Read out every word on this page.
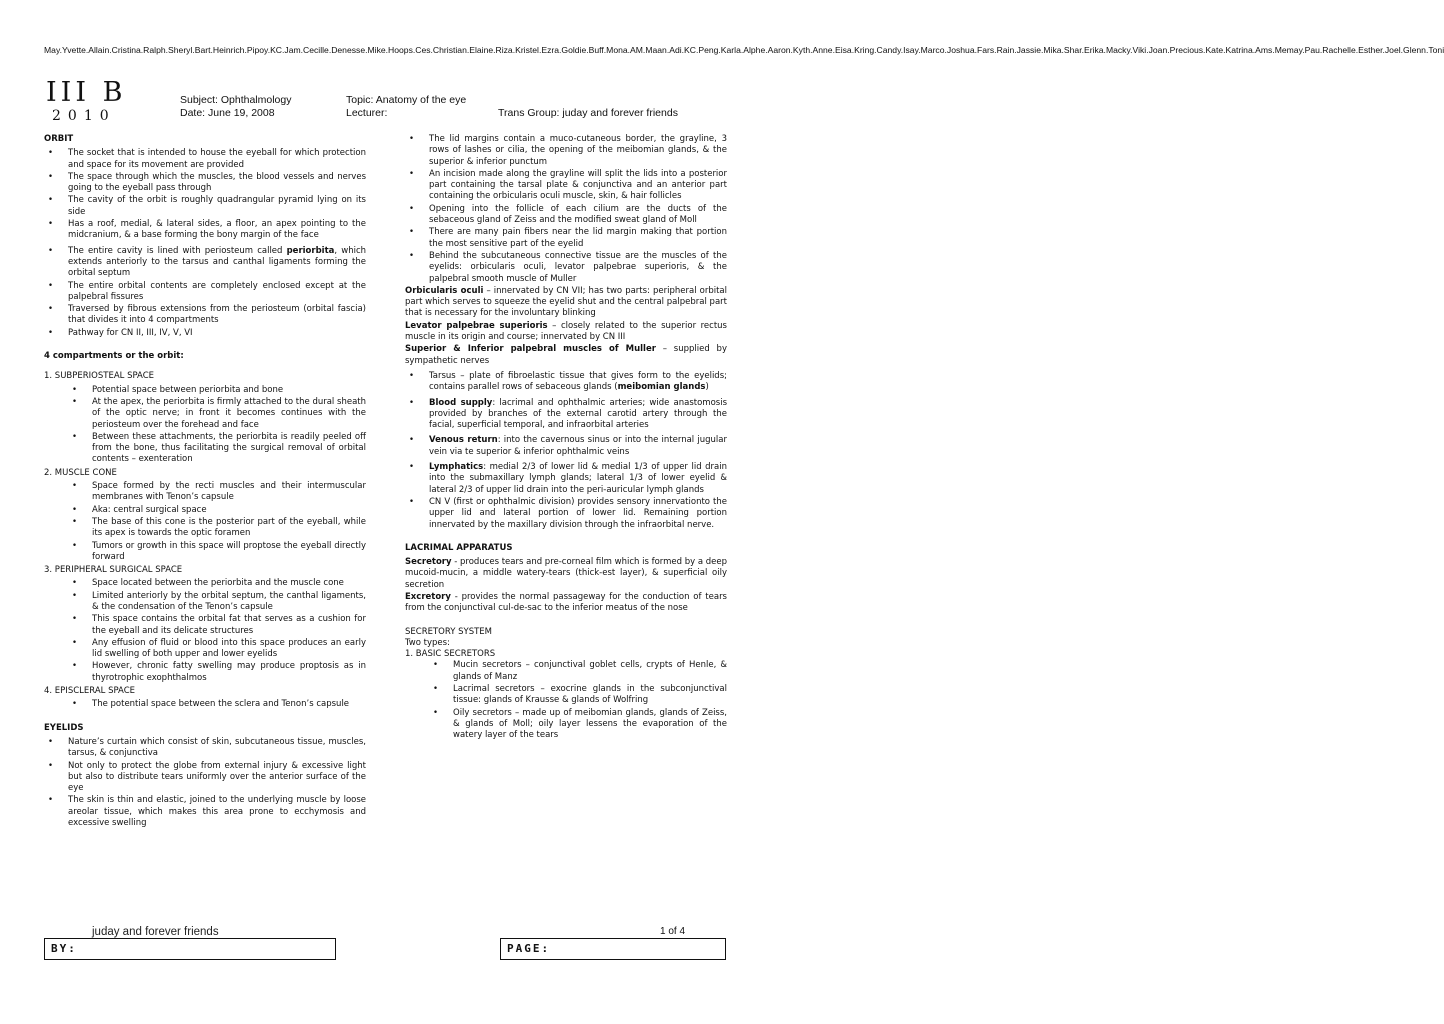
May.Yvette.Allain.Cristina.Ralph.Sheryl.Bart.Heinrich.Pipoy.KC.Jam.Cecille.Denesse.Mike.Hoops.Ces.Christian.Elaine.Riza.Kristel.Ezra.Goldie.Buff.Mona.AM.Maan.Adi.KC.Peng.Karla.Alphe.Aaron.Kyth.Anne.Eisa.Kring.Candy.Isay.Marco.Joshua.Fars.Rain.Jassie.Mika.Shar.Erika.Macky.Viki.Joan.Precious.Kate.Katrina.Ams.Memay.Pau.Rachelle.Esther.Joel.Glenn.Toni
III B
2010
Subject: Ophthalmology	Topic: Anatomy of the eye
Date: June 19, 2008	Lecturer:	Trans Group: juday and forever friends
ORBIT
• The socket that is intended to house the eyeball for which protection and space for its movement are provided
• The space through which the muscles, the blood vessels and nerves going to the eyeball pass through
• The cavity of the orbit is roughly quadrangular pyramid lying on its side
• Has a roof, medial, & lateral sides, a floor, an apex pointing to the midcranium, & a base forming the bony margin of the face
• The entire cavity is lined with periosteum called periorbita, which extends anteriorly to the tarsus and canthal ligaments forming the orbital septum
• The entire orbital contents are completely enclosed except at the palpebral fissures
• Traversed by fibrous extensions from the periosteum (orbital fascia) that divides it into 4 compartments
• Pathway for CN II, III, IV, V, VI
4 compartments or the orbit:
1. SUBPERIOSTEAL SPACE
• Potential space between periorbita and bone
• At the apex, the periorbita is firmly attached to the dural sheath of the optic nerve; in front it becomes continues with the periosteum over the forehead and face
• Between these attachments, the periorbita is readily peeled off from the bone, thus facilitating the surgical removal of orbital contents – exenteration
2. MUSCLE CONE
• Space formed by the recti muscles and their intermuscular membranes with Tenon’s capsule
• Aka: central surgical space
• The base of this cone is the posterior part of the eyeball, while its apex is towards the optic foramen
• Tumors or growth in this space will proptose the eyeball directly forward
3. PERIPHERAL SURGICAL SPACE
• Space located between the periorbita and the muscle cone
• Limited anteriorly by the orbital septum, the canthal ligaments, & the condensation of the Tenon’s capsule
• This space contains the orbital fat that serves as a cushion for the eyeball and its delicate structures
• Any effusion of fluid or blood into this space produces an early lid swelling of both upper and lower eyelids
• However, chronic fatty swelling may produce proptosis as in thyrotrophic exophthalmos
4. EPISCLERAL SPACE
• The potential space between the sclera and Tenon’s capsule
EYELIDS
• Nature’s curtain which consist of skin, subcutaneous tissue, muscles, tarsus, & conjunctiva
• Not only to protect the globe from external injury & excessive light but also to distribute tears uniformly over the anterior surface of the eye
• The skin is thin and elastic, joined to the underlying muscle by loose areolar tissue, which makes this area prone to ecchymosis and excessive swelling
• The lid margins contain a muco-cutaneous border, the grayline, 3 rows of lashes or cilia, the opening of the meibomian glands, & the superior & inferior punctum
• An incision made along the grayline will split the lids into a posterior part containing the tarsal plate & conjunctiva and an anterior part containing the orbicularis oculi muscle, skin, & hair follicles
• Opening into the follicle of each cilium are the ducts of the sebaceous gland of Zeiss and the modified sweat gland of Moll
• There are many pain fibers near the lid margin making that portion the most sensitive part of the eyelid
• Behind the subcutaneous connective tissue are the muscles of the eyelids: orbicularis oculi, levator palpebrae superioris, & the palpebral smooth muscle of Muller

Orbicularis oculi – innervated by CN VII; has two parts: peripheral orbital part which serves to squeeze the eyelid shut and the central palpebral part that is necessary for the involuntary blinking

Levator palpebrae superioris – closely related to the superior rectus muscle in its origin and course; innervated by CN III

Superior & Inferior palpebral muscles of Muller – supplied by sympathetic nerves

• Tarsus – plate of fibroelastic tissue that gives form to the eyelids; contains parallel rows of sebaceous glands (meibomian glands)
• Blood supply: lacrimal and ophthalmic arteries; wide anastomosis provided by branches of the external carotid artery through the facial, superficial temporal, and infraorbital arteries
• Venous return: into the cavernous sinus or into the internal jugular vein via te superior & inferior ophthalmic veins
• Lymphatics: medial 2/3 of lower lid & medial 1/3 of upper lid drain into the submaxillary lymph glands; lateral 1/3 of lower eyelid & lateral 2/3 of upper lid drain into the peri-auricular lymph glands
• CN V (first or ophthalmic division) provides sensory innervationto the upper lid and lateral portion of lower lid. Remaining portion innervated by the maxillary division through the infraorbital nerve.
LACRIMAL APPARATUS

Secretory - produces tears and pre-corneal film which is formed by a deep mucoid-mucin, a middle watery-tears (thick-est layer), & superficial oily secretion

Excretory - provides the normal passageway for the conduction of tears from the conjunctival cul-de-sac to the inferior meatus of the nose

SECRETORY SYSTEM
Two types:
1. BASIC SECRETORS
• Mucin secretors – conjunctival goblet cells, crypts of Henle, & glands of Manz
• Lacrimal secretors – exocrine glands in the subconjunctival tissue: glands of Krausse & glands of Wolfring
• Oily secretors – made up of meibomian glands, glands of Zeiss, & glands of Moll; oily layer lessens the evaporation of the watery layer of the tears
juday and forever friends	1 of 4
BY:	PAGE:
